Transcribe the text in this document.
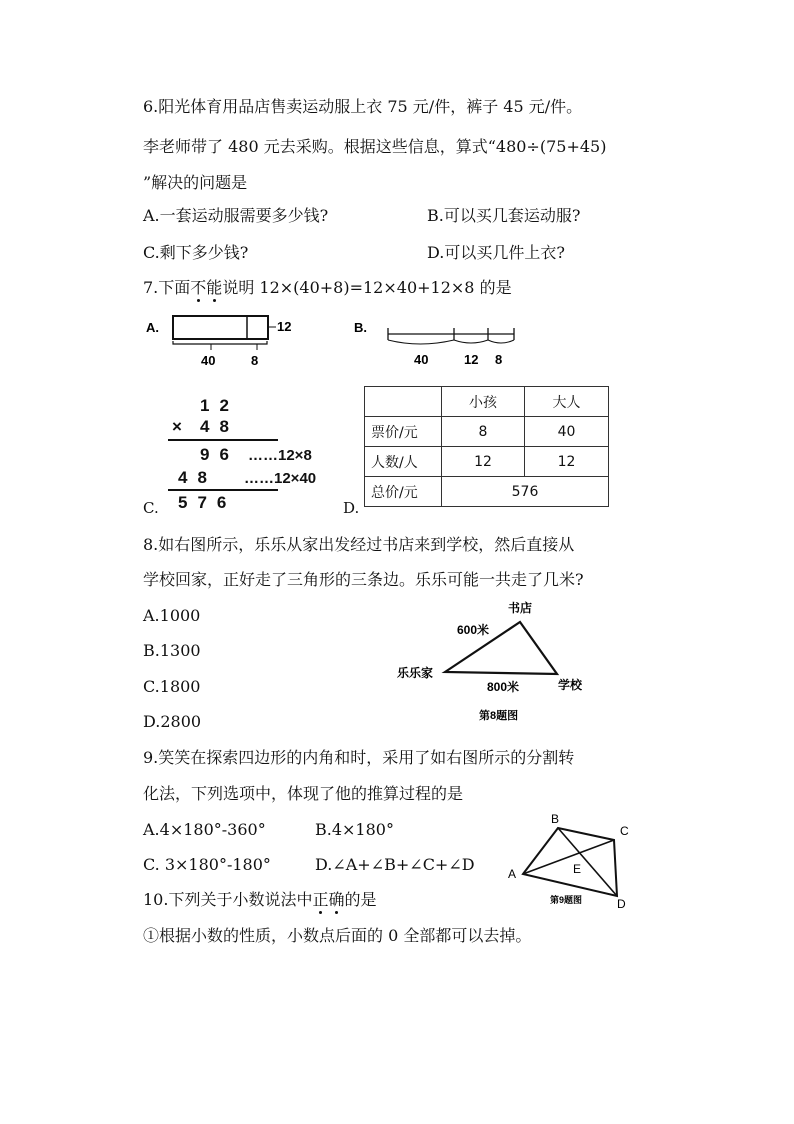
6.阳光体育用品店售卖运动服上衣 75 元/件，裤子 45 元/件。
李老师带了 480 元去采购。根据这些信息，算式“480÷(75+45)
”解决的问题是
A.一套运动服需要多少钱?	B.可以买几套运动服?
C.剩下多少钱?	D.可以买几件上衣?
7.下面不能说明 12×(40+8)=12×40+12×8 的是
A.	12
40	8
B.
40	12 8
12
× 48
96 ……12×8
48 ……12×40
576
C.	D.
	小孩	大人
票价/元	8	40
人数/人	12	12
总价/元	576	
8.如右图所示，乐乐从家出发经过书店来到学校，然后直接从
学校回家，正好走了三角形的三条边。乐乐可能一共走了几米?
A.1000
B.1300
C.1800
D.2800
书店
600米
乐乐家
学校
800米
第8题图
9.笑笑在探索四边形的内角和时，采用了如右图所示的分割转
化法，下列选项中，体现了他的推算过程的是
A.4×180°-360°	B.4×180°
C. 3×180°-180°	D.∠A+∠B+∠C+∠D
B
C
A
D
E
第9题图
10.下列关于小数说法中正确的是
①根据小数的性质，小数点后面的 0 全部都可以去掉。
